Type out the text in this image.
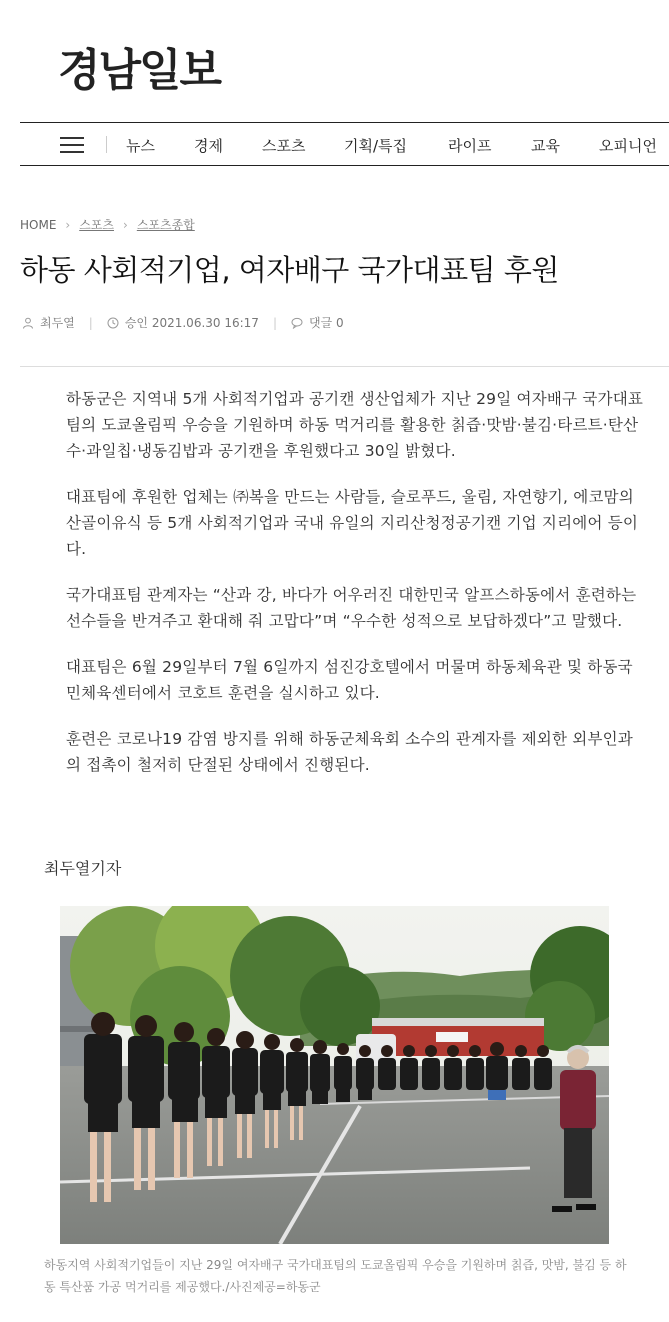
경남일보
뉴스	경제	스포츠	기획/특집	라이프	교육	오피니언
HOME › 스포츠 › 스포츠종합
하동 사회적기업, 여자배구 국가대표팀 후원
최두열 |	승인 2021.06.30 16:17 |	댓글 0

하동군은 지역내 5개 사회적기업과 공기캔 생산업체가 지난 29일 여자배구 국가대표팀의 도쿄올림픽 우승을 기원하며 하동 먹거리를 활용한 칡즙·맛밤·불김·타르트·탄산수·과일칩·냉동김밥과 공기캔을 후원했다고 30일 밝혔다.

대표팀에 후원한 업체는 ㈜복을 만드는 사람들, 슬로푸드, 울림, 자연향기, 에코맘의 산골이유식 등 5개 사회적기업과 국내 유일의 지리산청정공기캔 기업 지리에어 등이다.

국가대표팀 관계자는 “산과 강, 바다가 어우러진 대한민국 알프스하동에서 훈련하는 선수들을 반겨주고 환대해 줘 고맙다”며 “우수한 성적으로 보답하겠다”고 말했다.

대표팀은 6월 29일부터 7월 6일까지 섬진강호텔에서 머물며 하동체육관 및 하동국민체육센터에서 코호트 훈련을 실시하고 있다.

훈련은 코로나19 감염 방지를 위해 하동군체육회 소수의 관계자를 제외한 외부인과의 접촉이 철저히 단절된 상태에서 진행된다.

최두열기자
하동지역 사회적기업들이 지난 29일 여자배구 국가대표팀의 도쿄올림픽 우승을 기원하며 칡즙, 맛밤, 불김 등 하동 특산품 가공 먹거리를 제공했다./사진제공=하동군
